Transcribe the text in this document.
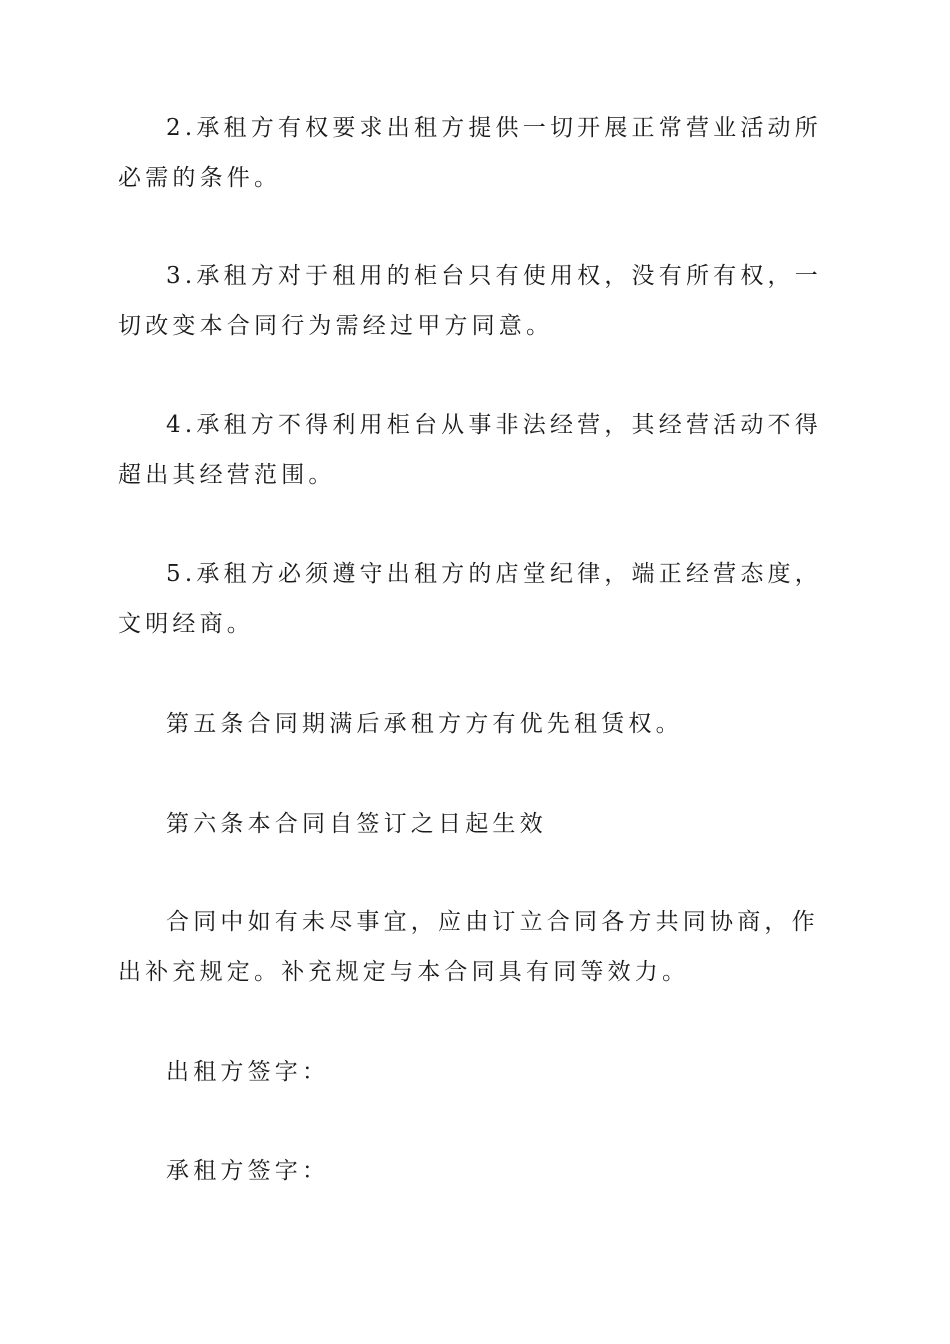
2.承租方有权要求出租方提供一切开展正常营业活动所必需的条件。

3.承租方对于租用的柜台只有使用权，没有所有权，一切改变本合同行为需经过甲方同意。

4.承租方不得利用柜台从事非法经营，其经营活动不得超出其经营范围。

5.承租方必须遵守出租方的店堂纪律，端正经营态度，文明经商。

第五条合同期满后承租方方有优先租赁权。

第六条本合同自签订之日起生效

合同中如有未尽事宜，应由订立合同各方共同协商，作出补充规定。补充规定与本合同具有同等效力。

出租方签字：

承租方签字：
